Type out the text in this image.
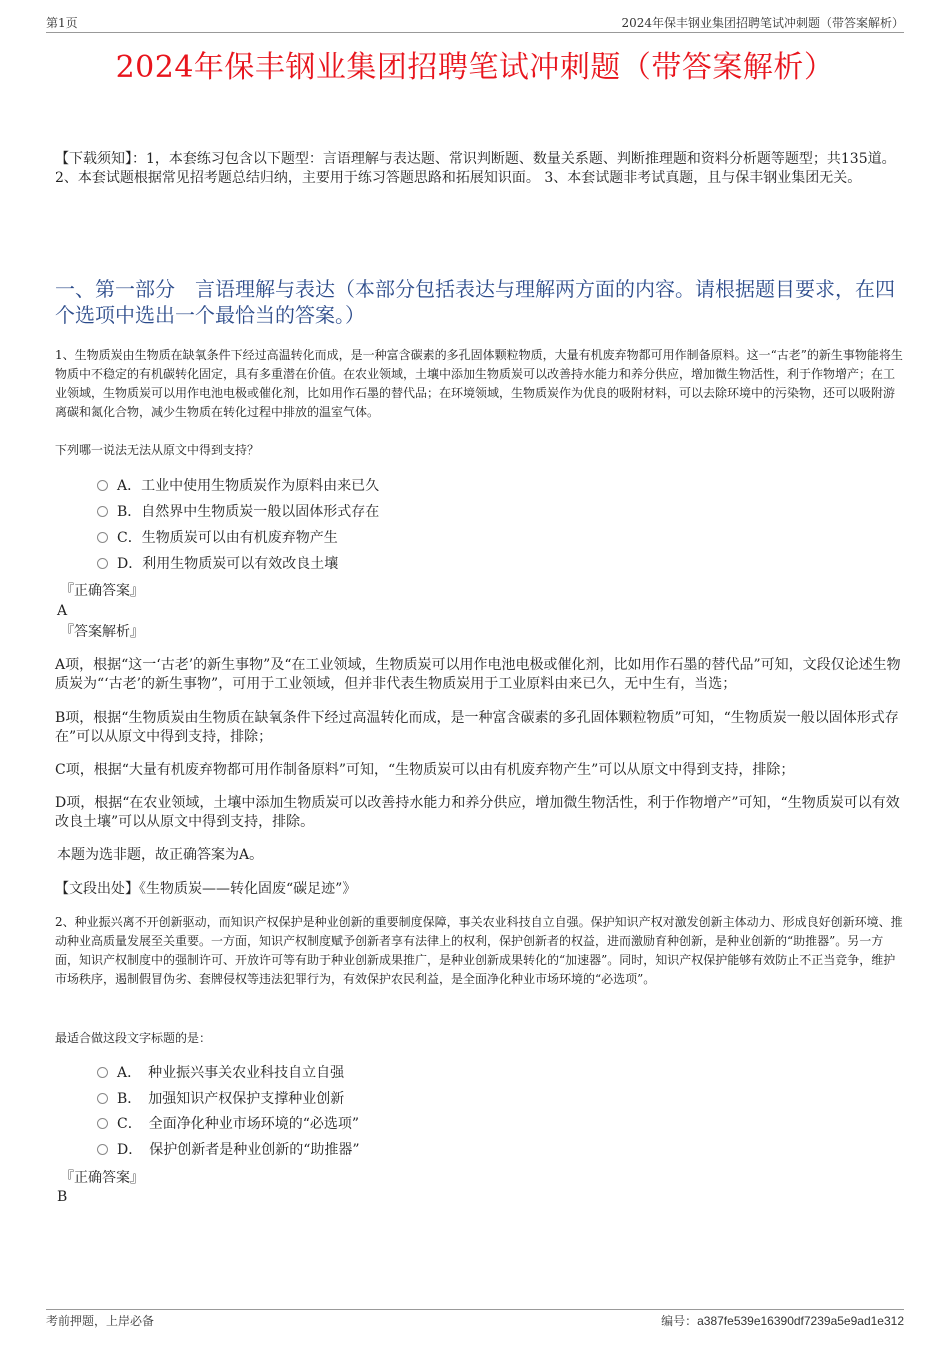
第1页	2024年保丰钢业集团招聘笔试冲刺题（带答案解析）
2024年保丰钢业集团招聘笔试冲刺题（带答案解析）
【下载须知】：1，本套练习包含以下题型：言语理解与表达题、常识判断题、数量关系题、判断推理题和资料分析题等题型；共135道。 2、本套试题根据常见招考题总结归纳，主要用于练习答题思路和拓展知识面。 3、本套试题非考试真题，且与保丰钢业集团无关。
一、第一部分　言语理解与表达（本部分包括表达与理解两方面的内容。请根据题目要求，在四个选项中选出一个最恰当的答案。）
1、生物质炭由生物质在缺氧条件下经过高温转化而成，是一种富含碳素的多孔固体颗粒物质，大量有机废弃物都可用作制备原料。这一“古老”的新生事物能将生物质中不稳定的有机碳转化固定，具有多重潜在价值。在农业领域，土壤中添加生物质炭可以改善持水能力和养分供应，增加微生物活性，利于作物增产；在工业领域，生物质炭可以用作电池电极或催化剂，比如用作石墨的替代品；在环境领域，生物质炭作为优良的吸附材料，可以去除环境中的污染物，还可以吸附游离碳和氮化合物，减少生物质在转化过程中排放的温室气体。
下列哪一说法无法从原文中得到支持？
A．工业中使用生物质炭作为原料由来已久
B．自然界中生物质炭一般以固体形式存在
C．生物质炭可以由有机废弃物产生
D．利用生物质炭可以有效改良土壤
『正确答案』
A
『答案解析』
A项，根据“这一‘古老’的新生事物”及“在工业领域，生物质炭可以用作电池电极或催化剂，比如用作石墨的替代品”可知，文段仅论述生物质炭为“‘古老’的新生事物”，可用于工业领域，但并非代表生物质炭用于工业原料由来已久，无中生有，当选；
B项，根据“生物质炭由生物质在缺氧条件下经过高温转化而成，是一种富含碳素的多孔固体颗粒物质”可知，“生物质炭一般以固体形式存在”可以从原文中得到支持，排除；
C项，根据“大量有机废弃物都可用作制备原料”可知，“生物质炭可以由有机废弃物产生”可以从原文中得到支持，排除；
D项，根据“在农业领域，土壤中添加生物质炭可以改善持水能力和养分供应，增加微生物活性，利于作物增产”可知，“生物质炭可以有效改良土壤”可以从原文中得到支持，排除。
本题为选非题，故正确答案为A。
【文段出处】《生物质炭——转化固废“碳足迹”》
2、种业振兴离不开创新驱动，而知识产权保护是种业创新的重要制度保障，事关农业科技自立自强。保护知识产权对激发创新主体动力、形成良好创新环境、推动种业高质量发展至关重要。一方面，知识产权制度赋予创新者享有法律上的权利，保护创新者的权益，进而激励育种创新，是种业创新的“助推器”。另一方面，知识产权制度中的强制许可、开放许可等有助于种业创新成果推广，是种业创新成果转化的“加速器”。同时，知识产权保护能够有效防止不正当竞争，维护市场秩序，遏制假冒伪劣、套牌侵权等违法犯罪行为，有效保护农民利益，是全面净化种业市场环境的“必选项”。
最适合做这段文字标题的是：
A．　种业振兴事关农业科技自立自强
B．　加强知识产权保护支撑种业创新
C．　全面净化种业市场环境的“必选项”
D．　保护创新者是种业创新的“助推器”
『正确答案』
B
考前押题，上岸必备	编号：a387fe539e16390df7239a5e9ad1e312
